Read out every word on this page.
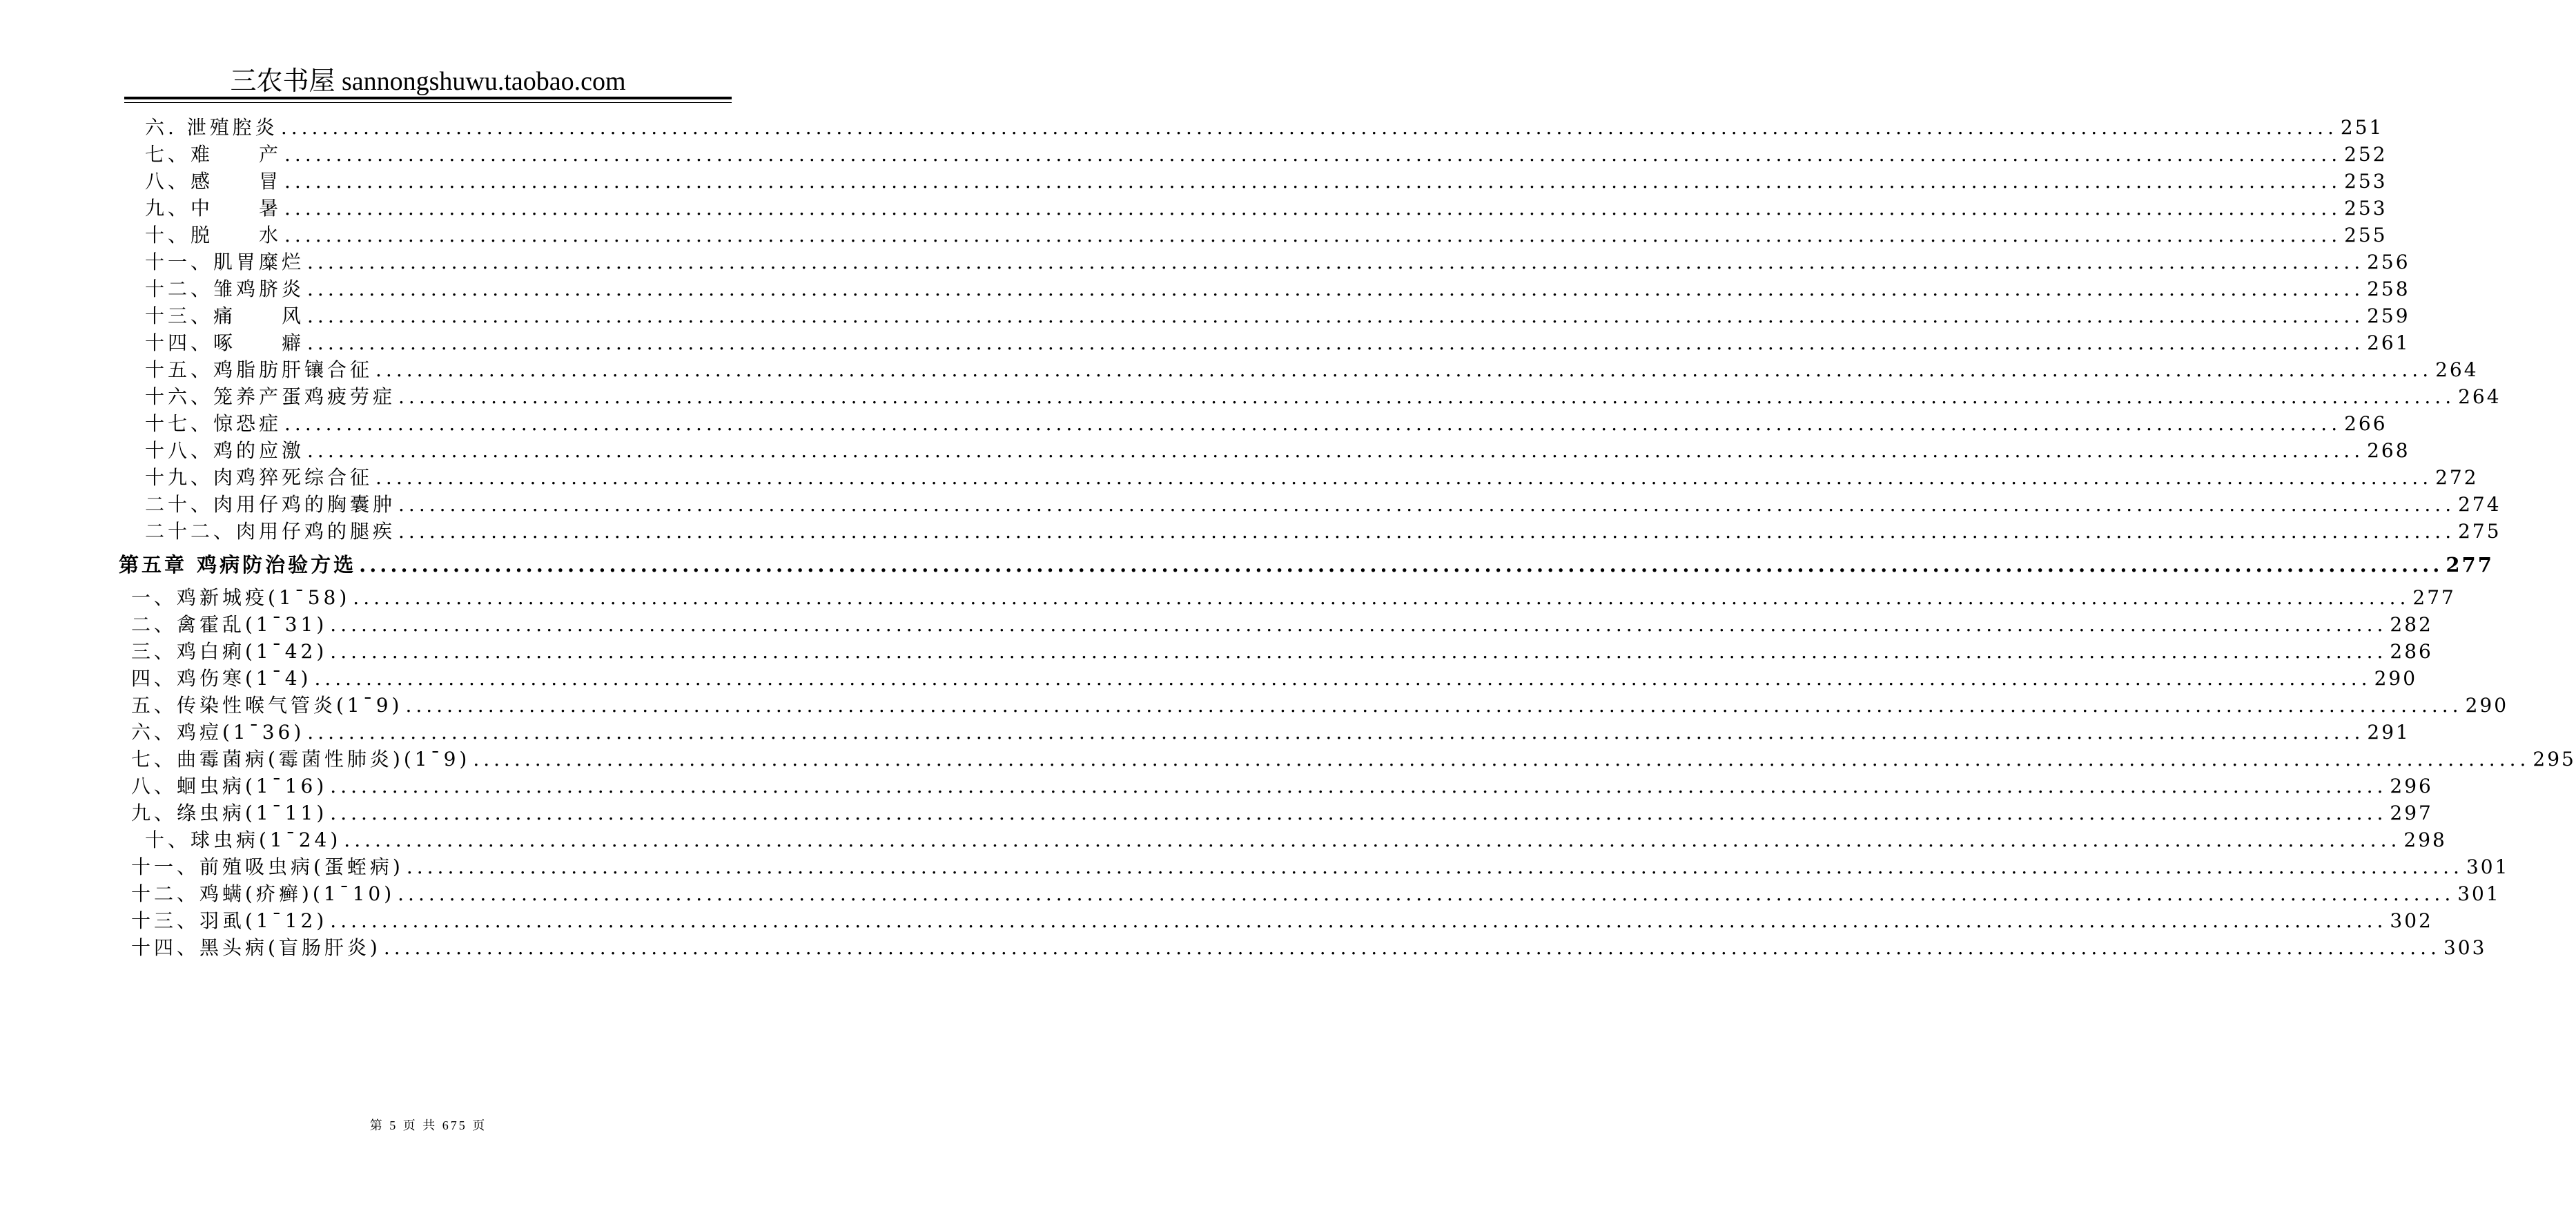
三农书屋 sannongshuwu.taobao.com
六. 泄殖腔炎 ........................................................................................................................................................................................................ 251
七、难　　产 ........................................................................................................................................................................................................ 252
八、感　　冒 ........................................................................................................................................................................................................ 253
九、中　　暑 ........................................................................................................................................................................................................ 253
十、脱　　水 ........................................................................................................................................................................................................ 255
十一、肌胃糜烂 ........................................................................................................................................................................................................ 256
十二、雏鸡脐炎 ........................................................................................................................................................................................................ 258
十三、痛　　风 ........................................................................................................................................................................................................ 259
十四、啄　　癖 ........................................................................................................................................................................................................ 261
十五、鸡脂肪肝镶合征 ........................................................................................................................................................................................................ 264
十六、笼养产蛋鸡疲劳症 ........................................................................................................................................................................................................ 264
十七、惊恐症 ........................................................................................................................................................................................................ 266
十八、鸡的应激 ........................................................................................................................................................................................................ 268
十九、肉鸡猝死综合征 ........................................................................................................................................................................................................ 272
二十、肉用仔鸡的胸囊肿 ........................................................................................................................................................................................................ 274
二十二、肉用仔鸡的腿疾 ........................................................................................................................................................................................................ 275
第五章 鸡病防治验方选 ........................................................................................................................................................................................................ 277
一、鸡新城疫(1¯58) ........................................................................................................................................................................................................ 277
二、禽霍乱(1¯31) ........................................................................................................................................................................................................ 282
三、鸡白痢(1¯42) ........................................................................................................................................................................................................ 286
四、鸡伤寒(1¯4) ........................................................................................................................................................................................................ 290
五、传染性喉气管炎(1¯9) ........................................................................................................................................................................................................ 290
六、鸡痘(1¯36) ........................................................................................................................................................................................................ 291
七、曲霉菌病(霉菌性肺炎)(1¯9) ........................................................................................................................................................................................................ 295
八、蛔虫病(1¯16) ........................................................................................................................................................................................................ 296
九、绦虫病(1¯11) ........................................................................................................................................................................................................ 297
十、球虫病(1¯24) ........................................................................................................................................................................................................ 298
十一、前殖吸虫病(蛋蛭病) ........................................................................................................................................................................................................ 301
十二、鸡螨(疥癣)(1¯10) ........................................................................................................................................................................................................ 301
十三、羽虱(1¯12) ........................................................................................................................................................................................................ 302
十四、黑头病(盲肠肝炎) ........................................................................................................................................................................................................ 303
第 5 页 共 675 页
